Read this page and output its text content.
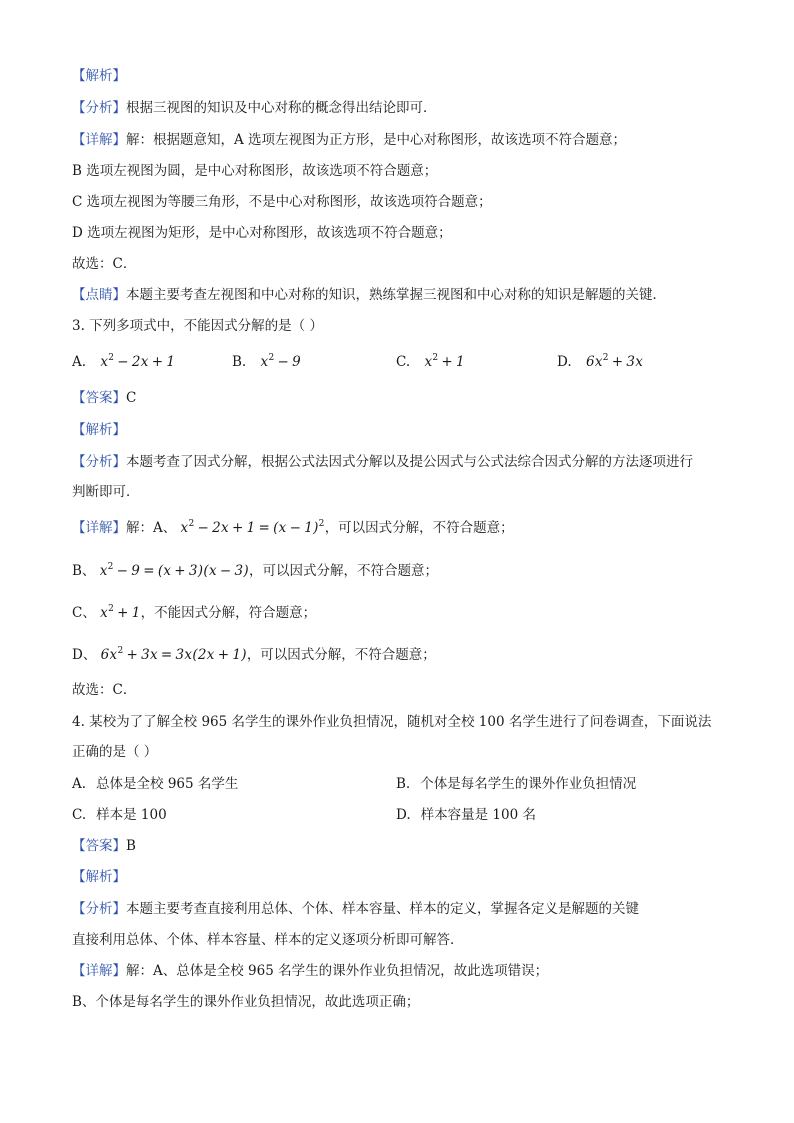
【解析】
【分析】根据三视图的知识及中心对称的概念得出结论即可．
【详解】解：根据题意知，A 选项左视图为正方形，是中心对称图形，故该选项不符合题意；
B 选项左视图为圆，是中心对称图形，故该选项不符合题意；
C 选项左视图为等腰三角形，不是中心对称图形，故该选项符合题意；
D 选项左视图为矩形，是中心对称图形，故该选项不符合题意；
故选：C．
【点睛】本题主要考查左视图和中心对称的知识，熟练掌握三视图和中心对称的知识是解题的关键．
3. 下列多项式中，不能因式分解的是（ ）
A. $x^2 - 2x + 1$	B. $x^2 - 9$	C. $x^2 + 1$	D. $6x^2 + 3x$
【答案】C
【解析】
【分析】本题考查了因式分解，根据公式法因式分解以及提公因式与公式法综合因式分解的方法逐项进行
判断即可．
【详解】解：A、 $x^2 - 2x + 1 = (x - 1)^2$，可以因式分解，不符合题意；
B、 $x^2 - 9 = (x + 3)(x - 3)$，可以因式分解，不符合题意；
C、 $x^2 + 1$，不能因式分解，符合题意；
D、 $6x^2 + 3x = 3x(2x + 1)$，可以因式分解，不符合题意；
故选：C．
4. 某校为了了解全校 965 名学生的课外作业负担情况，随机对全校 100 名学生进行了问卷调查，下面说法
正确的是（ ）
A. 总体是全校 965 名学生	B. 个体是每名学生的课外作业负担情况
C. 样本是 100	D. 样本容量是 100 名
【答案】B
【解析】
【分析】本题主要考查直接利用总体、个体、样本容量、样本的定义，掌握各定义是解题的关键
直接利用总体、个体、样本容量、样本的定义逐项分析即可解答．
【详解】解：A、总体是全校 965 名学生的课外作业负担情况，故此选项错误；
B、个体是每名学生的课外作业负担情况，故此选项正确；
